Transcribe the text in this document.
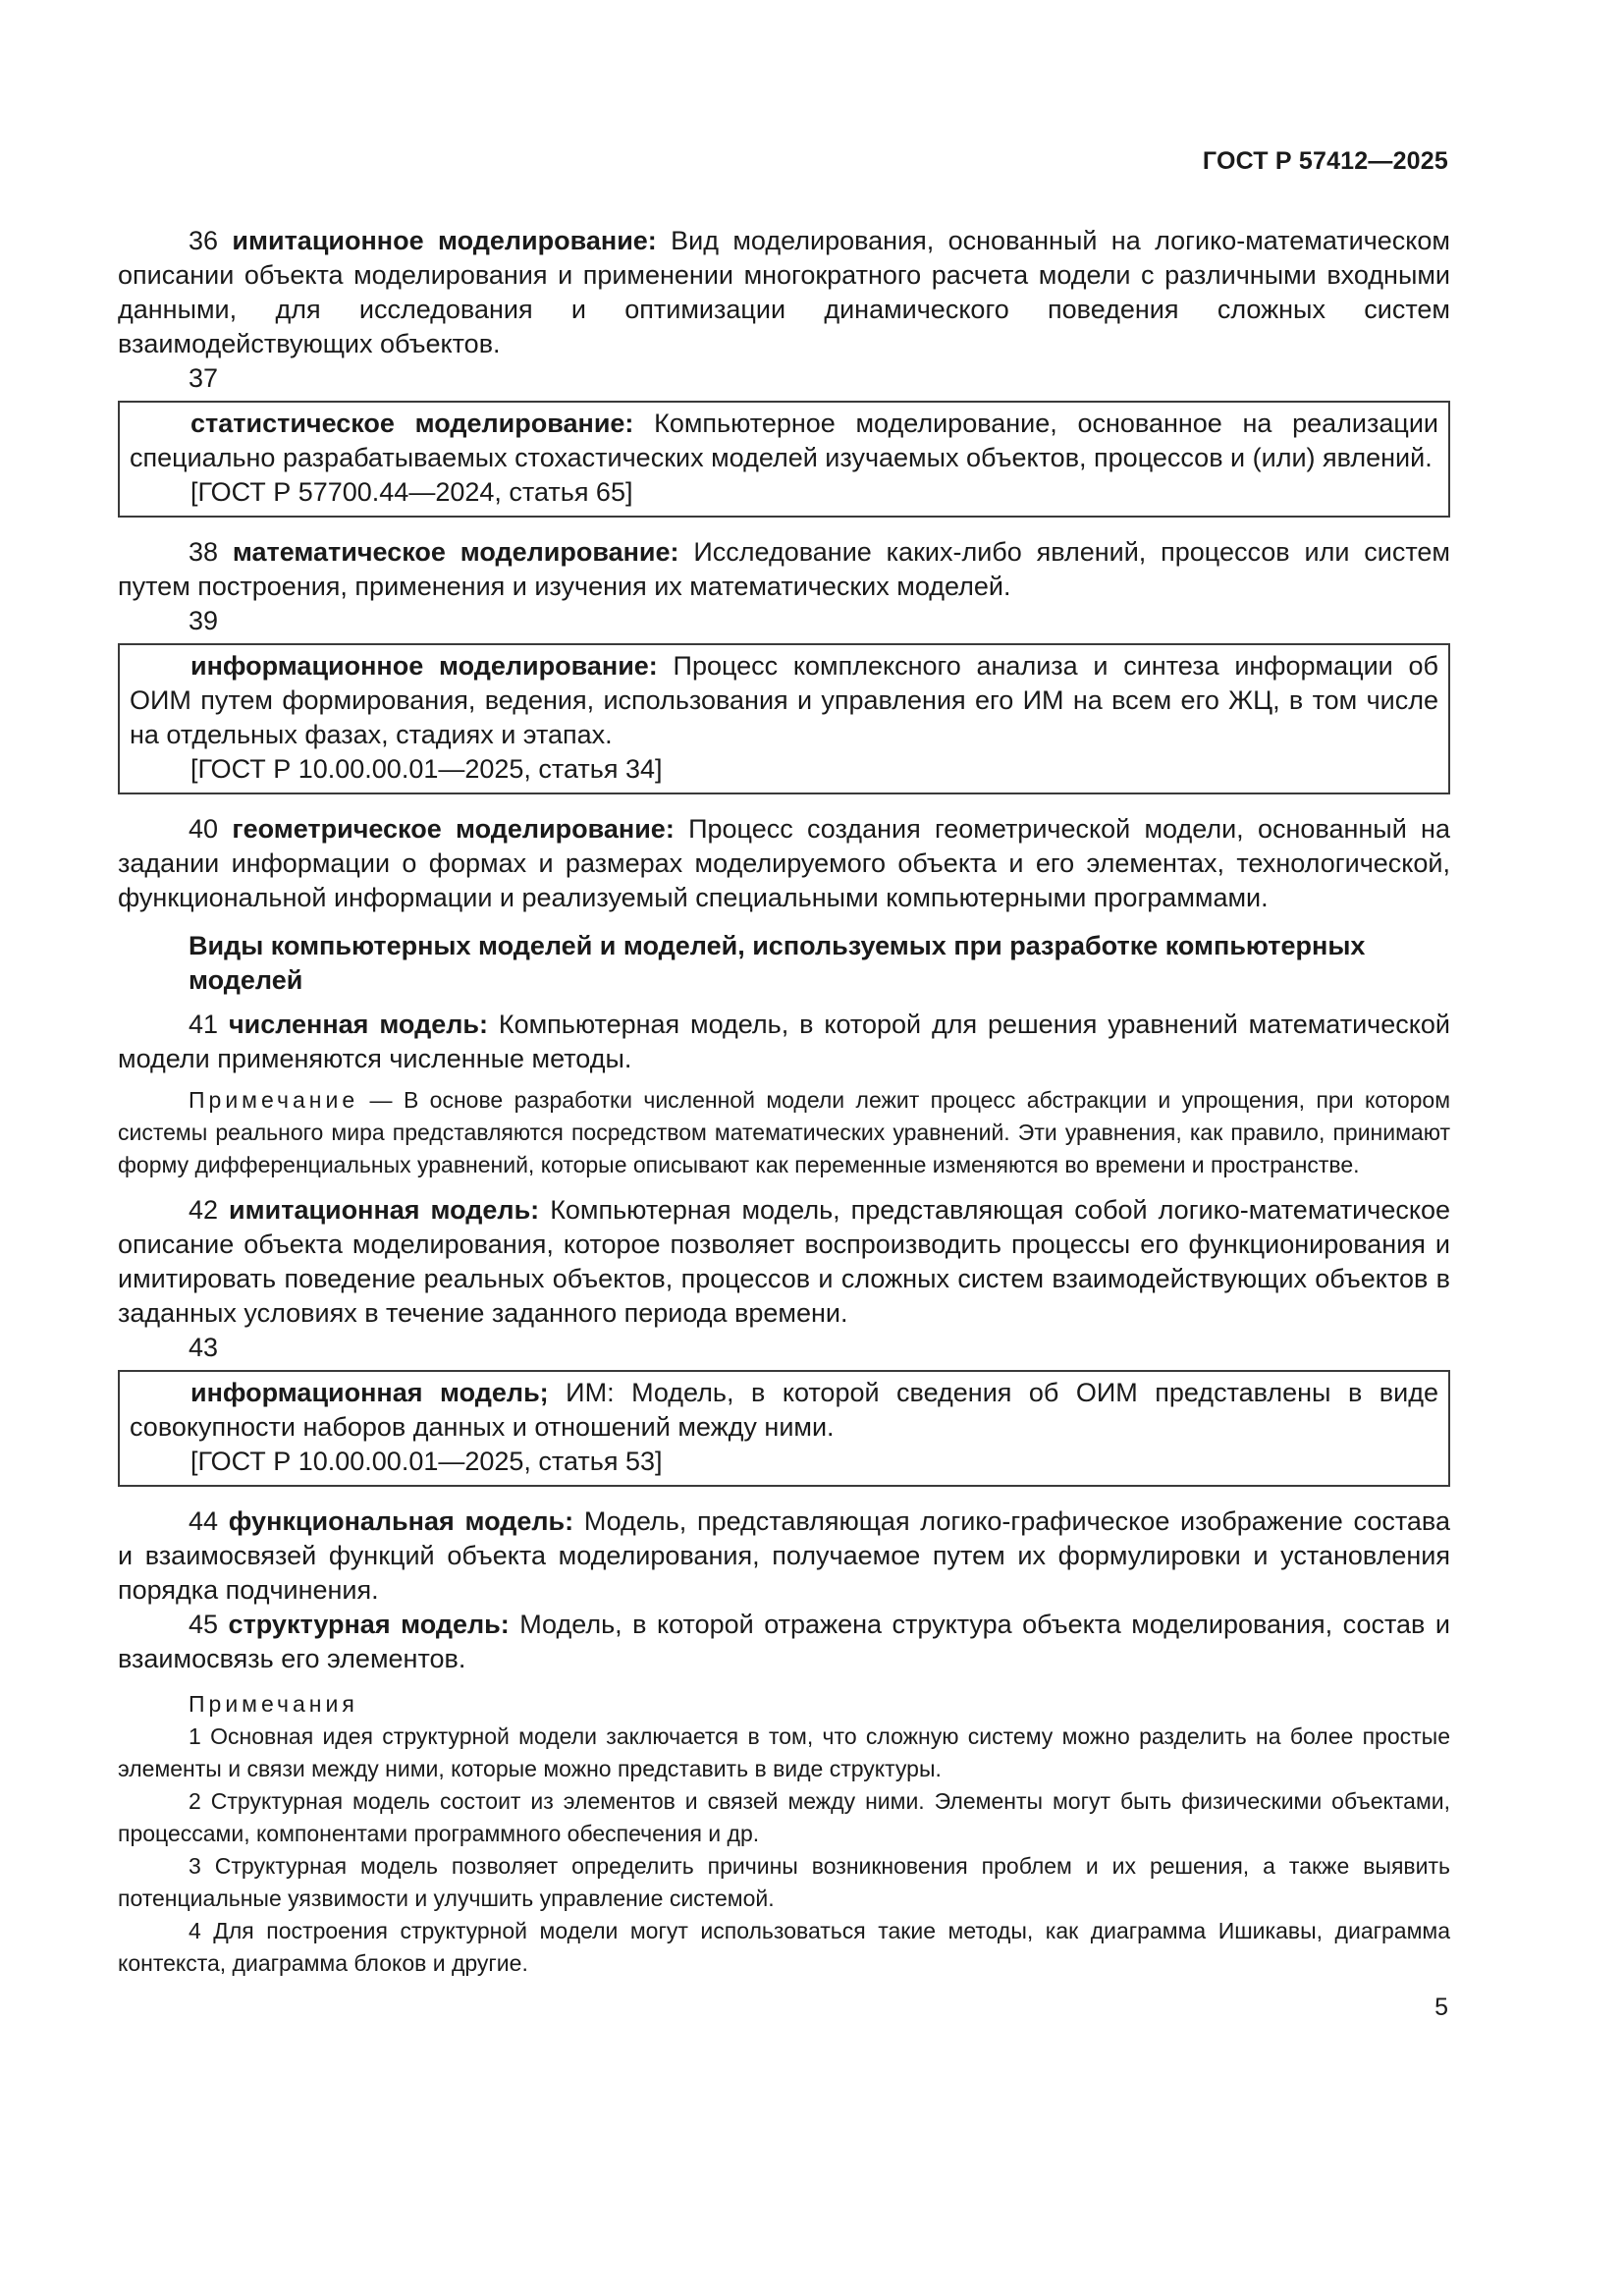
ГОСТ Р 57412—2025

36 имитационное моделирование: Вид моделирования, основанный на логико-математическом описании объекта моделирования и применении многократного расчета модели с различными входными данными, для исследования и оптимизации динамического поведения сложных систем взаимодействующих объектов.

37

статистическое моделирование: Компьютерное моделирование, основанное на реализации специально разрабатываемых стохастических моделей изучаемых объектов, процессов и (или) явлений.

[ГОСТ Р 57700.44—2024, статья 65]

38 математическое моделирование: Исследование каких-либо явлений, процессов или систем путем построения, применения и изучения их математических моделей.

39

информационное моделирование: Процесс комплексного анализа и синтеза информации об ОИМ путем формирования, ведения, использования и управления его ИМ на всем его ЖЦ, в том числе на отдельных фазах, стадиях и этапах.

[ГОСТ Р 10.00.00.01—2025, статья 34]

40 геометрическое моделирование: Процесс создания геометрической модели, основанный на задании информации о формах и размерах моделируемого объекта и его элементах, технологической, функциональной информации и реализуемый специальными компьютерными программами.

Виды компьютерных моделей и моделей, используемых при разработке компьютерных моделей

41 численная модель: Компьютерная модель, в которой для решения уравнений математической модели применяются численные методы.

Примечание — В основе разработки численной модели лежит процесс абстракции и упрощения, при котором системы реального мира представляются посредством математических уравнений. Эти уравнения, как правило, принимают форму дифференциальных уравнений, которые описывают как переменные изменяются во времени и пространстве.

42 имитационная модель: Компьютерная модель, представляющая собой логико-математическое описание объекта моделирования, которое позволяет воспроизводить процессы его функционирования и имитировать поведение реальных объектов, процессов и сложных систем взаимодействующих объектов в заданных условиях в течение заданного периода времени.

43

информационная модель; ИМ: Модель, в которой сведения об ОИМ представлены в виде совокупности наборов данных и отношений между ними.

[ГОСТ Р 10.00.00.01—2025, статья 53]

44 функциональная модель: Модель, представляющая логико-графическое изображение состава и взаимосвязей функций объекта моделирования, получаемое путем их формулировки и установления порядка подчинения.

45 структурная модель: Модель, в которой отражена структура объекта моделирования, состав и взаимосвязь его элементов.

Примечания

1 Основная идея структурной модели заключается в том, что сложную систему можно разделить на более простые элементы и связи между ними, которые можно представить в виде структуры.

2 Структурная модель состоит из элементов и связей между ними. Элементы могут быть физическими объектами, процессами, компонентами программного обеспечения и др.

3 Структурная модель позволяет определить причины возникновения проблем и их решения, а также выявить потенциальные уязвимости и улучшить управление системой.

4 Для построения структурной модели могут использоваться такие методы, как диаграмма Ишикавы, диаграмма контекста, диаграмма блоков и другие.

5
